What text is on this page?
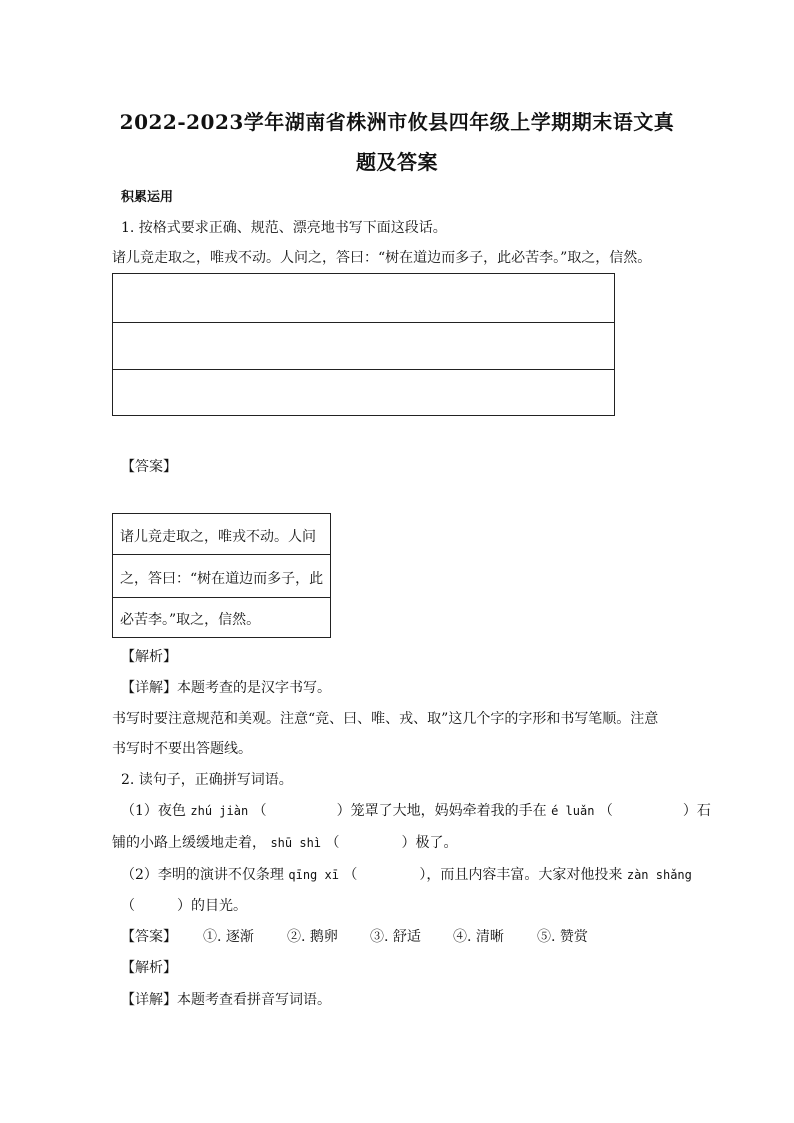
2022-2023学年湖南省株洲市攸县四年级上学期期末语文真
题及答案
积累运用
1. 按格式要求正确、规范、漂亮地书写下面这段话。
诸儿竞走取之，唯戎不动。人问之，答曰：“树在道边而多子，此必苦李。”取之，信然。
【答案】
诸儿竞走取之，唯戎不动。人问
之，答曰：“树在道边而多子，此
必苦李。”取之，信然。
【解析】
【详解】本题考查的是汉字书写。
书写时要注意规范和美观。注意“竞、曰、唯、戎、取”这几个字的字形和书写笔顺。注意
书写时不要出答题线。
2. 读句子，正确拼写词语。
（1）夜色 zhú jiàn （	）笼罩了大地，妈妈牵着我的手在 é luǎn （	）石
铺的小路上缓缓地走着， shū shì （	）极了。
（2）李明的演讲不仅条理 qīng xī （	），而且内容丰富。大家对他投来 zàn shǎng
（	）的目光。
【答案】 ①. 逐渐 ②. 鹅卵 ③. 舒适 ④. 清晰 ⑤. 赞赏
【解析】
【详解】本题考查看拼音写词语。
